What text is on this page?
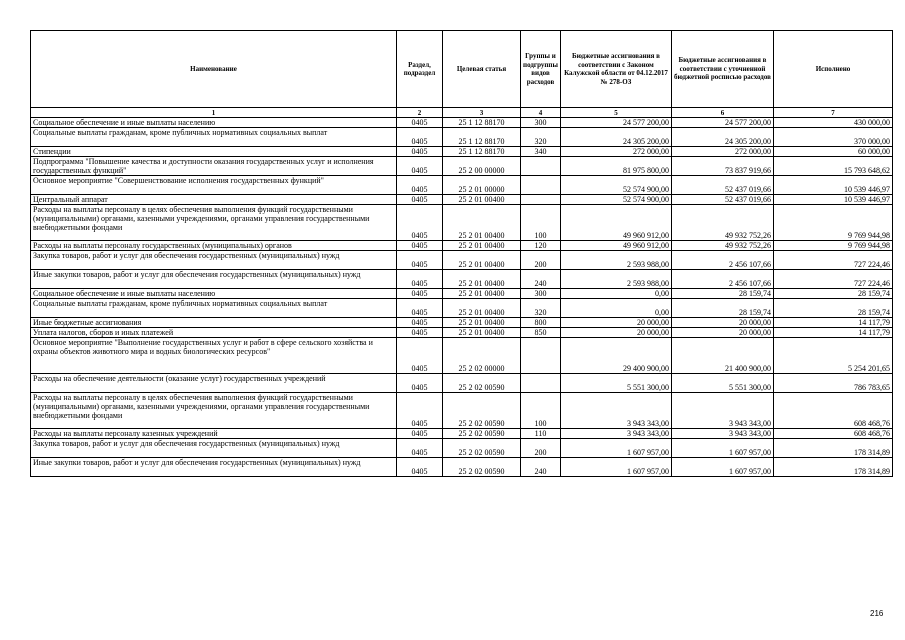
Наименование	Раздел, подраздел	Целевая статья	Группы и подгруппы видов расходов	Бюджетные ассигнования в соответствии с Законом Калужской области от 04.12.2017 № 278-ОЗ	Бюджетные ассигнования в соответствии с уточненной бюджетной росписью расходов	Исполнено
1	2	3	4	5	6	7
Социальное обеспечение и иные выплаты населению	0405	25 1 12 88170	300	24 577 200,00	24 577 200,00	430 000,00
Социальные выплаты гражданам, кроме публичных нормативных социальных выплат	0405	25 1 12 88170	320	24 305 200,00	24 305 200,00	370 000,00
Стипендии	0405	25 1 12 88170	340	272 000,00	272 000,00	60 000,00
Подпрограмма "Повышение качества и доступности оказания государственных услуг и исполнения государственных функций"	0405	25 2 00 00000		81 975 800,00	73 837 919,66	15 793 648,62
Основное мероприятие "Совершенствование исполнения государственных функций"	0405	25 2 01 00000		52 574 900,00	52 437 019,66	10 539 446,97
Центральный аппарат	0405	25 2 01 00400		52 574 900,00	52 437 019,66	10 539 446,97
Расходы на выплаты персоналу в целях обеспечения выполнения функций государственными (муниципальными) органами, казенными учреждениями, органами управления государственными внебюджетными фондами	0405	25 2 01 00400	100	49 960 912,00	49 932 752,26	9 769 944,98
Расходы на выплаты персоналу государственных (муниципальных) органов	0405	25 2 01 00400	120	49 960 912,00	49 932 752,26	9 769 944,98
Закупка товаров, работ и услуг для обеспечения государственных (муниципальных) нужд	0405	25 2 01 00400	200	2 593 988,00	2 456 107,66	727 224,46
Иные закупки товаров, работ и услуг для обеспечения государственных (муниципальных) нужд	0405	25 2 01 00400	240	2 593 988,00	2 456 107,66	727 224,46
Социальное обеспечение и иные выплаты населению	0405	25 2 01 00400	300	0,00	28 159,74	28 159,74
Социальные выплаты гражданам, кроме публичных нормативных социальных выплат	0405	25 2 01 00400	320	0,00	28 159,74	28 159,74
Иные бюджетные ассигнования	0405	25 2 01 00400	800	20 000,00	20 000,00	14 117,79
Уплата налогов, сборов и иных платежей	0405	25 2 01 00400	850	20 000,00	20 000,00	14 117,79
Основное мероприятие "Выполнение государственных услуг и работ в сфере сельского хозяйства и охраны объектов животного мира и водных биологических ресурсов"	0405	25 2 02 00000		29 400 900,00	21 400 900,00	5 254 201,65
Расходы на обеспечение деятельности (оказание услуг) государственных учреждений	0405	25 2 02 00590		5 551 300,00	5 551 300,00	786 783,65
Расходы на выплаты персоналу в целях обеспечения выполнения функций государственными (муниципальными) органами, казенными учреждениями, органами управления государственными внебюджетными фондами	0405	25 2 02 00590	100	3 943 343,00	3 943 343,00	608 468,76
Расходы на выплаты персоналу казенных учреждений	0405	25 2 02 00590	110	3 943 343,00	3 943 343,00	608 468,76
Закупка товаров, работ и услуг для обеспечения государственных (муниципальных) нужд	0405	25 2 02 00590	200	1 607 957,00	1 607 957,00	178 314,89
Иные закупки товаров, работ и услуг для обеспечения государственных (муниципальных) нужд	0405	25 2 02 00590	240	1 607 957,00	1 607 957,00	178 314,89
216
